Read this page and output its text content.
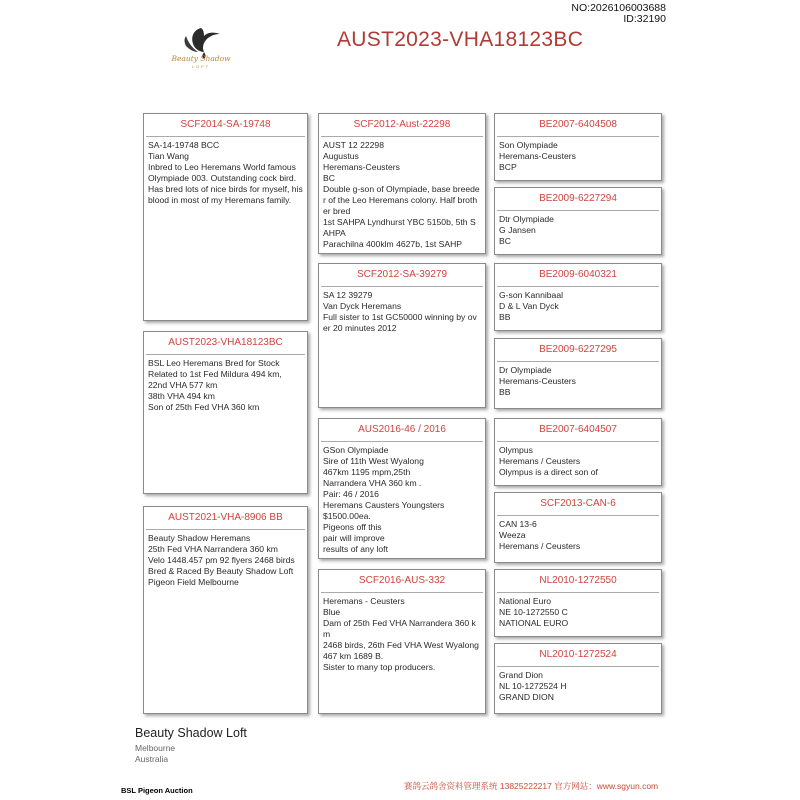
NO:2026106003688
ID:32190
Beauty Shadow
LOFT
AUST2023-VHA18123BC
SCF2014-SA-19748
SA-14-19748 BCC
Tian Wang
Inbred to Leo Heremans World famous
Olympiade 003. Outstanding cock bird.  Has bred lots of nice birds for myself, his blood in most of my Heremans family.
AUST2023-VHA18123BC
BSL Leo Heremans Bred for Stock
Related to 1st Fed Mildura 494 km,
22nd VHA 577 km
38th VHA 494 km
Son of 25th Fed VHA 360 km
AUST2021-VHA-8906 BB
Beauty Shadow Heremans
25th Fed VHA Narrandera 360 km
Velo 1448.457 pm 92 flyers 2468 birds
Bred & Raced By Beauty Shadow Loft
Pigeon Field Melbourne
SCF2012-Aust-22298
AUST 12 22298
Augustus
Heremans-Ceusters
BC
Double g-son of Olympiade, base breeder of the Leo Heremans colony. Half brother bred
1st SAHPA Lyndhurst YBC 5150b, 5th SAHPA
Parachilna 400klm 4627b, 1st SAHP
SCF2012-SA-39279
SA 12 39279
Van Dyck Heremans
Full sister to 1st GC50000 winning by over 20 minutes 2012
AUS2016-46 / 2016
GSon Olympiade
Sire of 11th West Wyalong
467km 1195 mpm,25th
Narrandera VHA 360 km .
Pair: 46 / 2016
Heremans Causters Youngsters
$1500.00ea.
Pigeons off this
pair will improve
results of any loft
SCF2016-AUS-332
Heremans - Ceusters
Blue
Dam of 25th Fed VHA Narrandera 360 km
2468 birds, 26th Fed VHA West Wyalong 467 km 1689 B.
Sister to many top producers.
BE2007-6404508
Son Olympiade
Heremans-Ceusters
BCP
BE2009-6227294
Dtr Olympiade
G Jansen
BC
BE2009-6040321
G-son Kannibaal
D & L Van Dyck
BB
BE2009-6227295
Dr Olympiade
Heremans-Ceusters
BB
BE2007-6404507
Olympus
Heremans / Ceusters
Olympus is a direct son of
SCF2013-CAN-6
CAN 13-6
Weeza
Heremans / Ceusters
NL2010-1272550
National Euro
NE 10-1272550 C
NATIONAL EURO
NL2010-1272524
Grand Dion
NL 10-1272524 H
GRAND DION
Beauty Shadow Loft
Melbourne
Australia
BSL Pigeon Auction	赛鸽云鸽舍资料管理系统 13825222217 官方网站：www.sgyun.com
